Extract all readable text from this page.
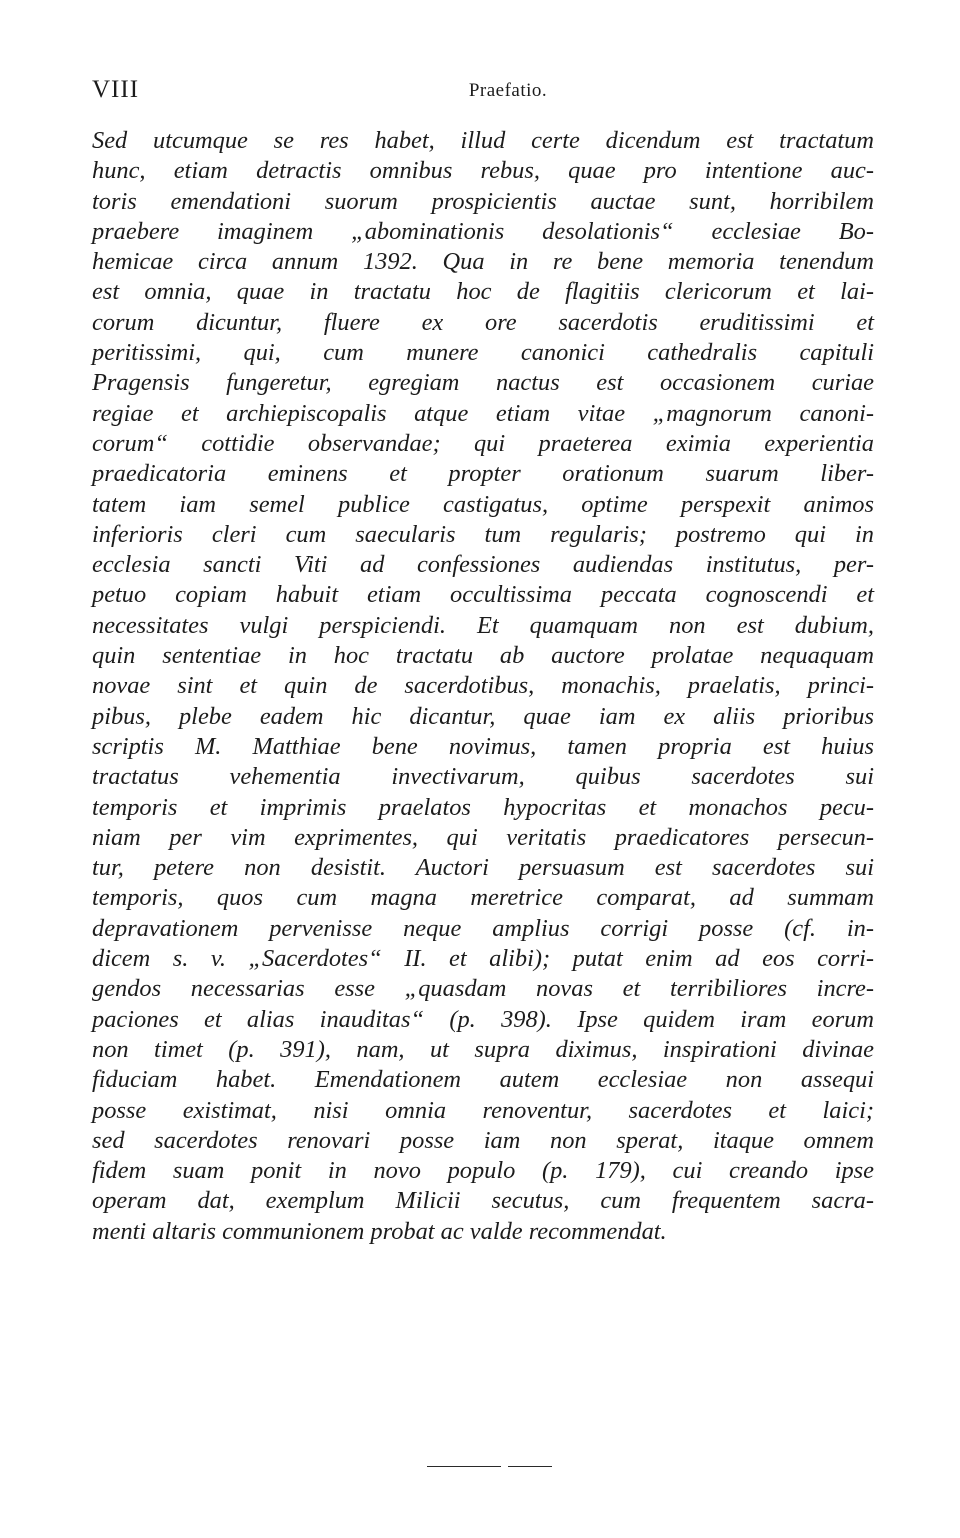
VIII	Praefatio.
Sed utcumque se res habet, illud certe dicendum est tractatum
hunc, etiam detractis omnibus rebus, quae pro intentione auc-
toris emendationi suorum prospicientis auctae sunt, horribilem
praebere imaginem „abominationis desolationis“ ecclesiae Bo-
hemicae circa annum 1392. Qua in re bene memoria tenendum
est omnia, quae in tractatu hoc de flagitiis clericorum et lai-
corum dicuntur, fluere ex ore sacerdotis eruditissimi et
peritissimi, qui, cum munere canonici cathedralis capituli
Pragensis fungeretur, egregiam nactus est occasionem curiae
regiae et archiepiscopalis atque etiam vitae „magnorum canoni-
corum“ cottidie observandae; qui praeterea eximia experientia
praedicatoria eminens et propter orationum suarum liber-
tatem iam semel publice castigatus, optime perspexit animos
inferioris cleri cum saecularis tum regularis; postremo qui in
ecclesia sancti Viti ad confessiones audiendas institutus, per-
petuo copiam habuit etiam occultissima peccata cognoscendi et
necessitates vulgi perspiciendi. Et quamquam non est dubium,
quin sententiae in hoc tractatu ab auctore prolatae nequaquam
novae sint et quin de sacerdotibus, monachis, praelatis, princi-
pibus, plebe eadem hic dicantur, quae iam ex aliis prioribus
scriptis M. Matthiae bene novimus, tamen propria est huius
tractatus vehementia invectivarum, quibus sacerdotes sui
temporis et imprimis praelatos hypocritas et monachos pecu-
niam per vim exprimentes, qui veritatis praedicatores persecun-
tur, petere non desistit. Auctori persuasum est sacerdotes sui
temporis, quos cum magna meretrice comparat, ad summam
depravationem pervenisse neque amplius corrigi posse (cf. in-
dicem s. v. „Sacerdotes“ II. et alibi); putat enim ad eos corri-
gendos necessarias esse „quasdam novas et terribiliores incre-
paciones et alias inauditas“ (p. 398). Ipse quidem iram eorum
non timet (p. 391), nam, ut supra diximus, inspirationi divinae
fiduciam habet. Emendationem autem ecclesiae non assequi
posse existimat, nisi omnia renoventur, sacerdotes et laici;
sed sacerdotes renovari posse iam non sperat, itaque omnem
fidem suam ponit in novo populo (p. 179), cui creando ipse
operam dat, exemplum Milicii secutus, cum frequentem sacra-
menti altaris communionem probat ac valde recommendat.
